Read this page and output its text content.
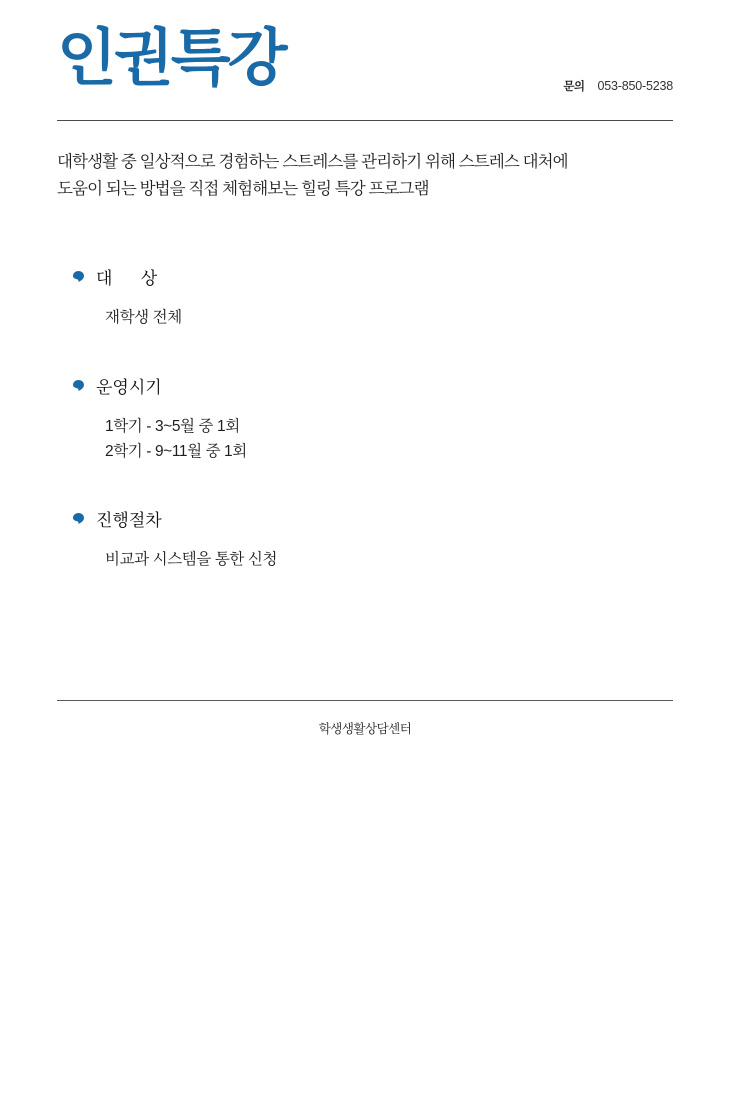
인권특강	문의 053-850-5238
대학생활 중 일상적으로 경험하는 스트레스를 관리하기 위해 스트레스 대처에
도움이 되는 방법을 직접 체험해보는 힐링 특강 프로그램
대      상
재학생 전체
운영시기
1학기 - 3~5월 중 1회
2학기 - 9~11월 중 1회
진행절차
비교과 시스템을 통한 신청
학생생활상담센터
